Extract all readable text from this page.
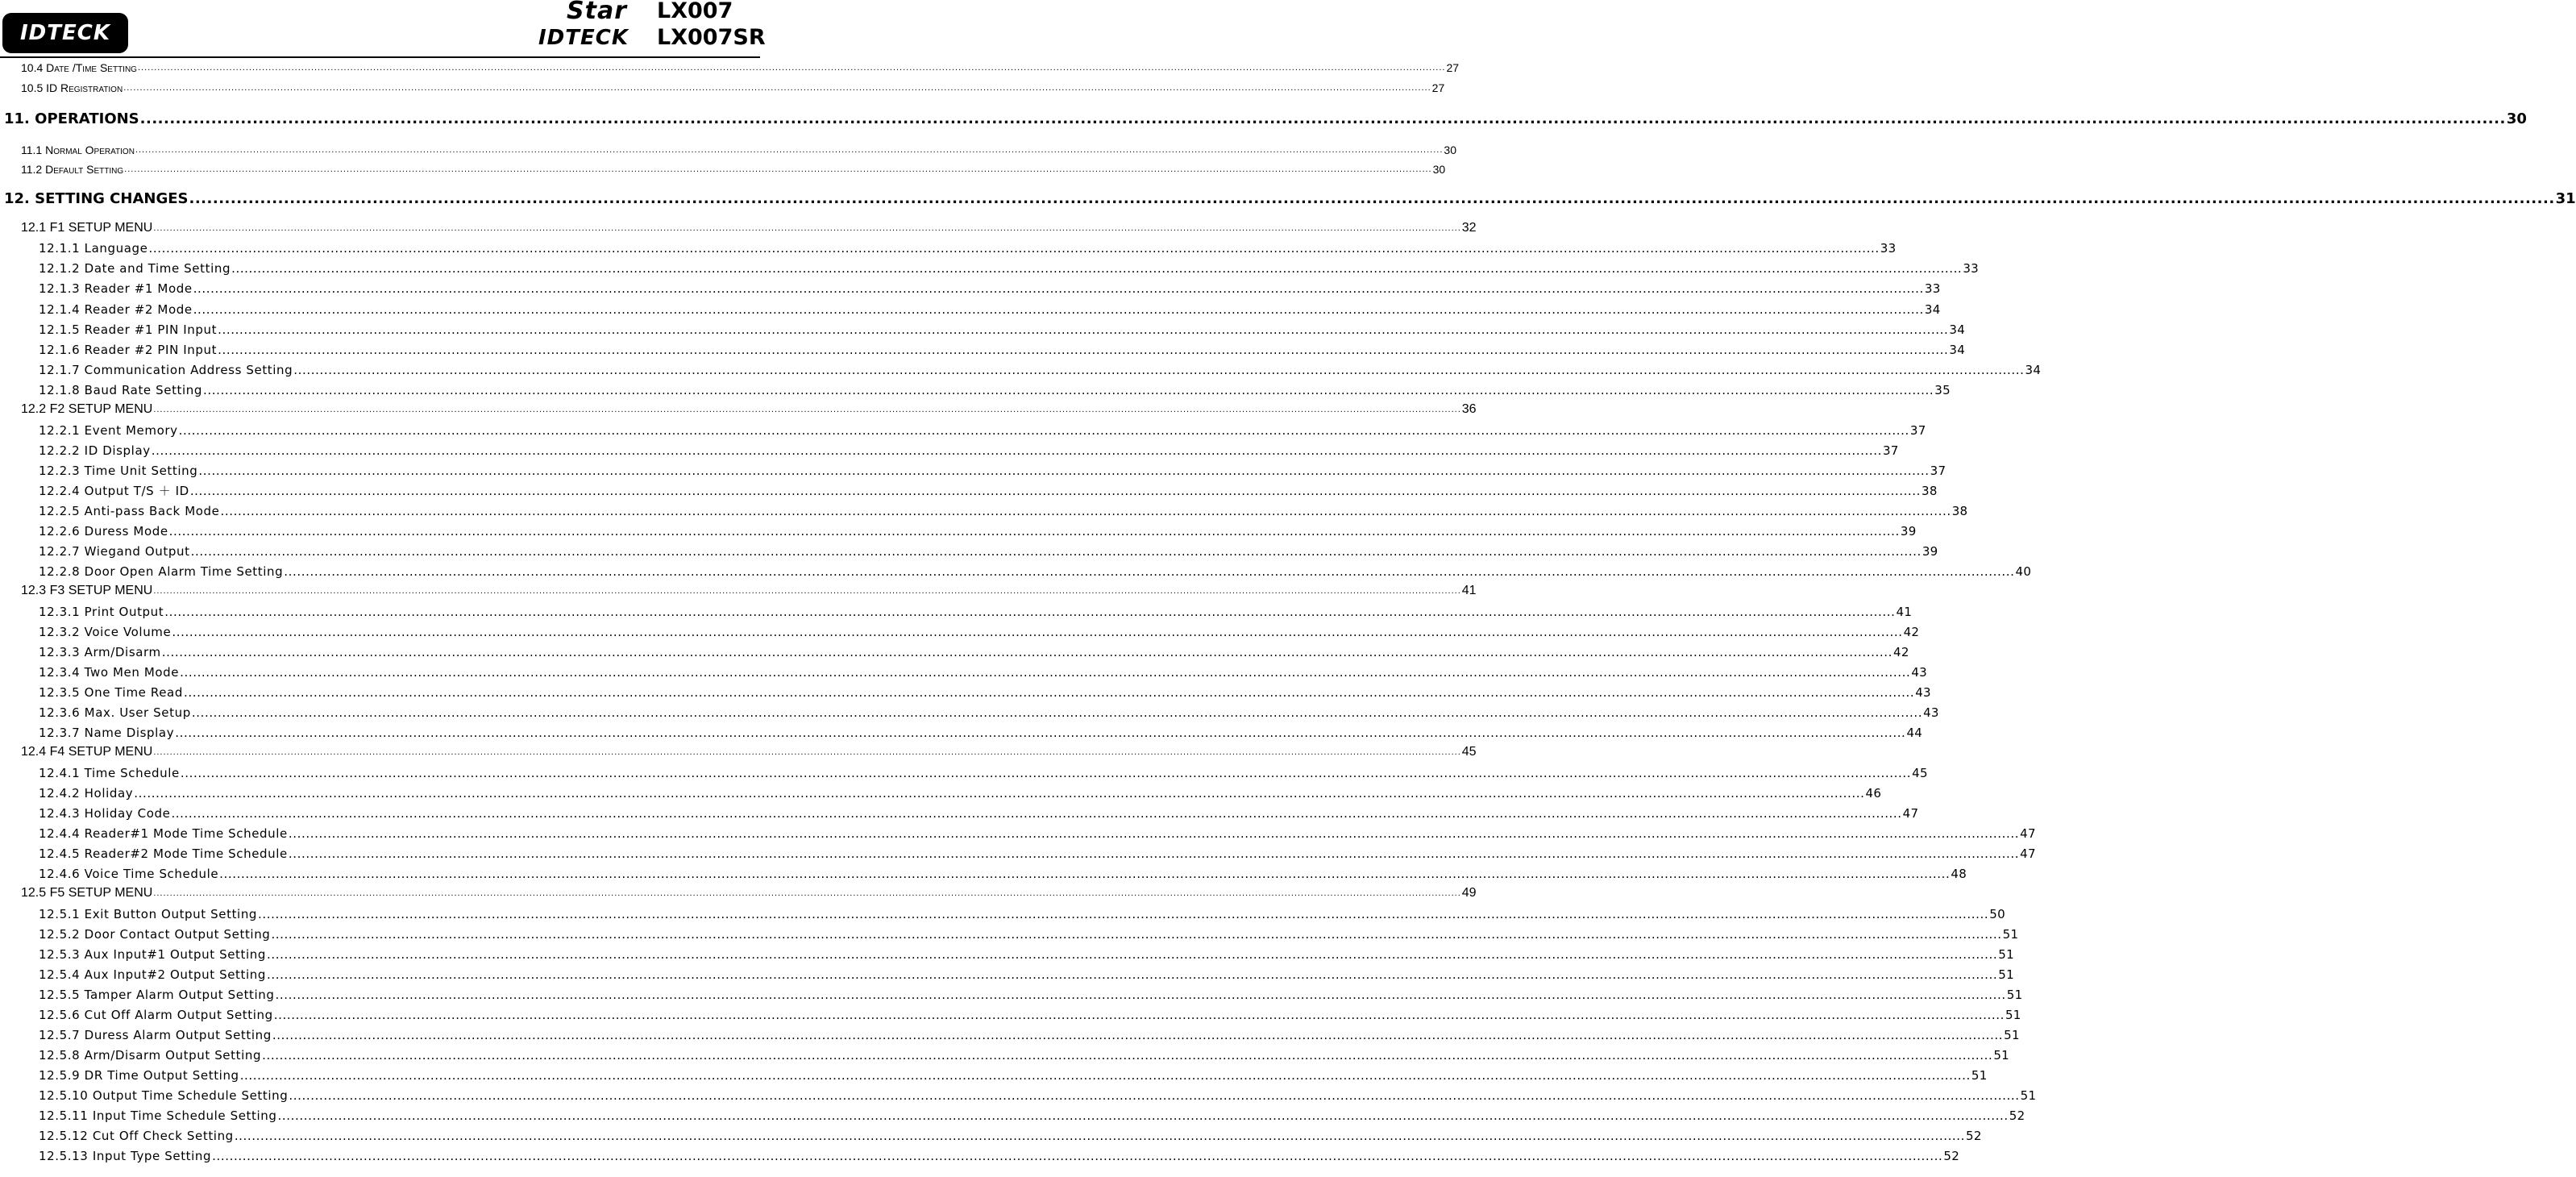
IDTECK
Star LX007
IDTECK LX007SR
10.4 Date /Time Setting ................................................................................................................................................................................................................................................................................................................................................................................................................ 27
10.5 ID Registration ................................................................................................................................................................................................................................................................................................................................................................................................................ 27
11. OPERATIONS ................................................................................................................................................................................................................................................................................................................................................................................................................ 30
11.1 Normal Operation ................................................................................................................................................................................................................................................................................................................................................................................................................ 30
11.2 Default Setting ................................................................................................................................................................................................................................................................................................................................................................................................................ 30
12. SETTING CHANGES ................................................................................................................................................................................................................................................................................................................................................................................................................ 31
12.1 F1 SETUP MENU ................................................................................................................................................................................................................................................................................................................................................................................................................ 32
12.1.1 Language ................................................................................................................................................................................................................................................................................................................................................................................................................ 33
12.1.2 Date and Time Setting ................................................................................................................................................................................................................................................................................................................................................................................................................ 33
12.1.3 Reader #1 Mode ................................................................................................................................................................................................................................................................................................................................................................................................................ 33
12.1.4 Reader #2 Mode ................................................................................................................................................................................................................................................................................................................................................................................................................ 34
12.1.5 Reader #1 PIN Input ................................................................................................................................................................................................................................................................................................................................................................................................................ 34
12.1.6 Reader #2 PIN Input ................................................................................................................................................................................................................................................................................................................................................................................................................ 34
12.1.7 Communication Address Setting ................................................................................................................................................................................................................................................................................................................................................................................................................ 34
12.1.8 Baud Rate Setting ................................................................................................................................................................................................................................................................................................................................................................................................................ 35
12.2 F2 SETUP MENU ................................................................................................................................................................................................................................................................................................................................................................................................................ 36
12.2.1 Event Memory ................................................................................................................................................................................................................................................................................................................................................................................................................ 37
12.2.2 ID Display ................................................................................................................................................................................................................................................................................................................................................................................................................ 37
12.2.3 Time Unit Setting ................................................................................................................................................................................................................................................................................................................................................................................................................ 37
12.2.4 Output T/S ＋ ID ................................................................................................................................................................................................................................................................................................................................................................................................................ 38
12.2.5 Anti-pass Back Mode ................................................................................................................................................................................................................................................................................................................................................................................................................ 38
12.2.6 Duress Mode ................................................................................................................................................................................................................................................................................................................................................................................................................ 39
12.2.7 Wiegand Output ................................................................................................................................................................................................................................................................................................................................................................................................................ 39
12.2.8 Door Open Alarm Time Setting ................................................................................................................................................................................................................................................................................................................................................................................................................ 40
12.3 F3 SETUP MENU ................................................................................................................................................................................................................................................................................................................................................................................................................ 41
12.3.1 Print Output ................................................................................................................................................................................................................................................................................................................................................................................................................ 41
12.3.2 Voice Volume ................................................................................................................................................................................................................................................................................................................................................................................................................ 42
12.3.3 Arm/Disarm ................................................................................................................................................................................................................................................................................................................................................................................................................ 42
12.3.4 Two Men Mode ................................................................................................................................................................................................................................................................................................................................................................................................................ 43
12.3.5 One Time Read ................................................................................................................................................................................................................................................................................................................................................................................................................ 43
12.3.6 Max. User Setup ................................................................................................................................................................................................................................................................................................................................................................................................................ 43
12.3.7 Name Display ................................................................................................................................................................................................................................................................................................................................................................................................................ 44
12.4 F4 SETUP MENU ................................................................................................................................................................................................................................................................................................................................................................................................................ 45
12.4.1 Time Schedule ................................................................................................................................................................................................................................................................................................................................................................................................................ 45
12.4.2 Holiday ................................................................................................................................................................................................................................................................................................................................................................................................................ 46
12.4.3 Holiday Code ................................................................................................................................................................................................................................................................................................................................................................................................................ 47
12.4.4 Reader#1 Mode Time Schedule ................................................................................................................................................................................................................................................................................................................................................................................................................ 47
12.4.5 Reader#2 Mode Time Schedule ................................................................................................................................................................................................................................................................................................................................................................................................................ 47
12.4.6 Voice Time Schedule ................................................................................................................................................................................................................................................................................................................................................................................................................ 48
12.5 F5 SETUP MENU ................................................................................................................................................................................................................................................................................................................................................................................................................ 49
12.5.1 Exit Button Output Setting ................................................................................................................................................................................................................................................................................................................................................................................................................ 50
12.5.2 Door Contact Output Setting ................................................................................................................................................................................................................................................................................................................................................................................................................ 51
12.5.3 Aux Input#1 Output Setting ................................................................................................................................................................................................................................................................................................................................................................................................................ 51
12.5.4 Aux Input#2 Output Setting ................................................................................................................................................................................................................................................................................................................................................................................................................ 51
12.5.5 Tamper Alarm Output Setting ................................................................................................................................................................................................................................................................................................................................................................................................................ 51
12.5.6 Cut Off Alarm Output Setting ................................................................................................................................................................................................................................................................................................................................................................................................................ 51
12.5.7 Duress Alarm Output Setting ................................................................................................................................................................................................................................................................................................................................................................................................................ 51
12.5.8 Arm/Disarm Output Setting ................................................................................................................................................................................................................................................................................................................................................................................................................ 51
12.5.9 DR Time Output Setting ................................................................................................................................................................................................................................................................................................................................................................................................................ 51
12.5.10 Output Time Schedule Setting ................................................................................................................................................................................................................................................................................................................................................................................................................ 51
12.5.11 Input Time Schedule Setting ................................................................................................................................................................................................................................................................................................................................................................................................................ 52
12.5.12 Cut Off Check Setting ................................................................................................................................................................................................................................................................................................................................................................................................................ 52
12.5.13 Input Type Setting ................................................................................................................................................................................................................................................................................................................................................................................................................ 52
